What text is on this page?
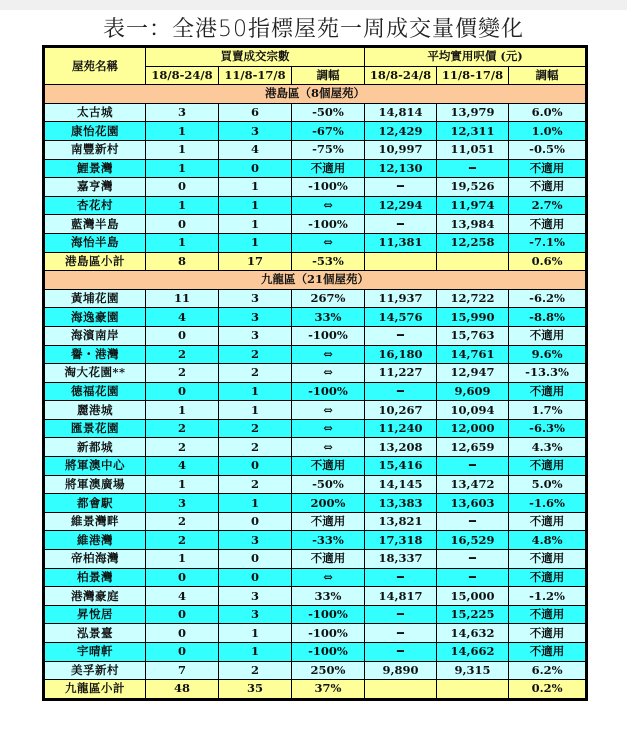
表一：全港50指標屋苑一周成交量價變化
屋苑名稱	買賣成交宗數			平均實用呎價 (元)		
	18/8-24/8	11/8-17/8	調幅	18/8-24/8	11/8-17/8	調幅
港島區（8個屋苑）						
太古城	3	6	-50%	14,814	13,979	6.0%
康怡花園	1	3	-67%	12,429	12,311	1.0%
南豐新村	1	4	-75%	10,997	11,051	-0.5%
鯉景灣	1	0	不適用	12,130	━	不適用
嘉亨灣	0	1	-100%	━	19,526	不適用
杏花村	1	1	⇔	12,294	11,974	2.7%
藍灣半島	0	1	-100%	━	13,984	不適用
海怡半島	1	1	⇔	11,381	12,258	-7.1%
港島區小計	8	17	-53%			0.6%
九龍區（21個屋苑）						
黃埔花園	11	3	267%	11,937	12,722	-6.2%
海逸豪園	4	3	33%	14,576	15,990	-8.8%
海濱南岸	0	3	-100%	━	15,763	不適用
譽・港灣	2	2	⇔	16,180	14,761	9.6%
淘大花園**	2	2	⇔	11,227	12,947	-13.3%
德福花園	0	1	-100%	━	9,609	不適用
麗港城	1	1	⇔	10,267	10,094	1.7%
匯景花園	2	2	⇔	11,240	12,000	-6.3%
新都城	2	2	⇔	13,208	12,659	4.3%
將軍澳中心	4	0	不適用	15,416	━	不適用
將軍澳廣場	1	2	-50%	14,145	13,472	5.0%
都會駅	3	1	200%	13,383	13,603	-1.6%
維景灣畔	2	0	不適用	13,821	━	不適用
維港灣	2	3	-33%	17,318	16,529	4.8%
帝柏海灣	1	0	不適用	18,337	━	不適用
柏景灣	0	0	⇔	━	━	不適用
港灣豪庭	4	3	33%	14,817	15,000	-1.2%
昇悅居	0	3	-100%	━	15,225	不適用
泓景臺	0	1	-100%	━	14,632	不適用
宇晴軒	0	1	-100%	━	14,662	不適用
美孚新村	7	2	250%	9,890	9,315	6.2%
九龍區小計	48	35	37%			0.2%
